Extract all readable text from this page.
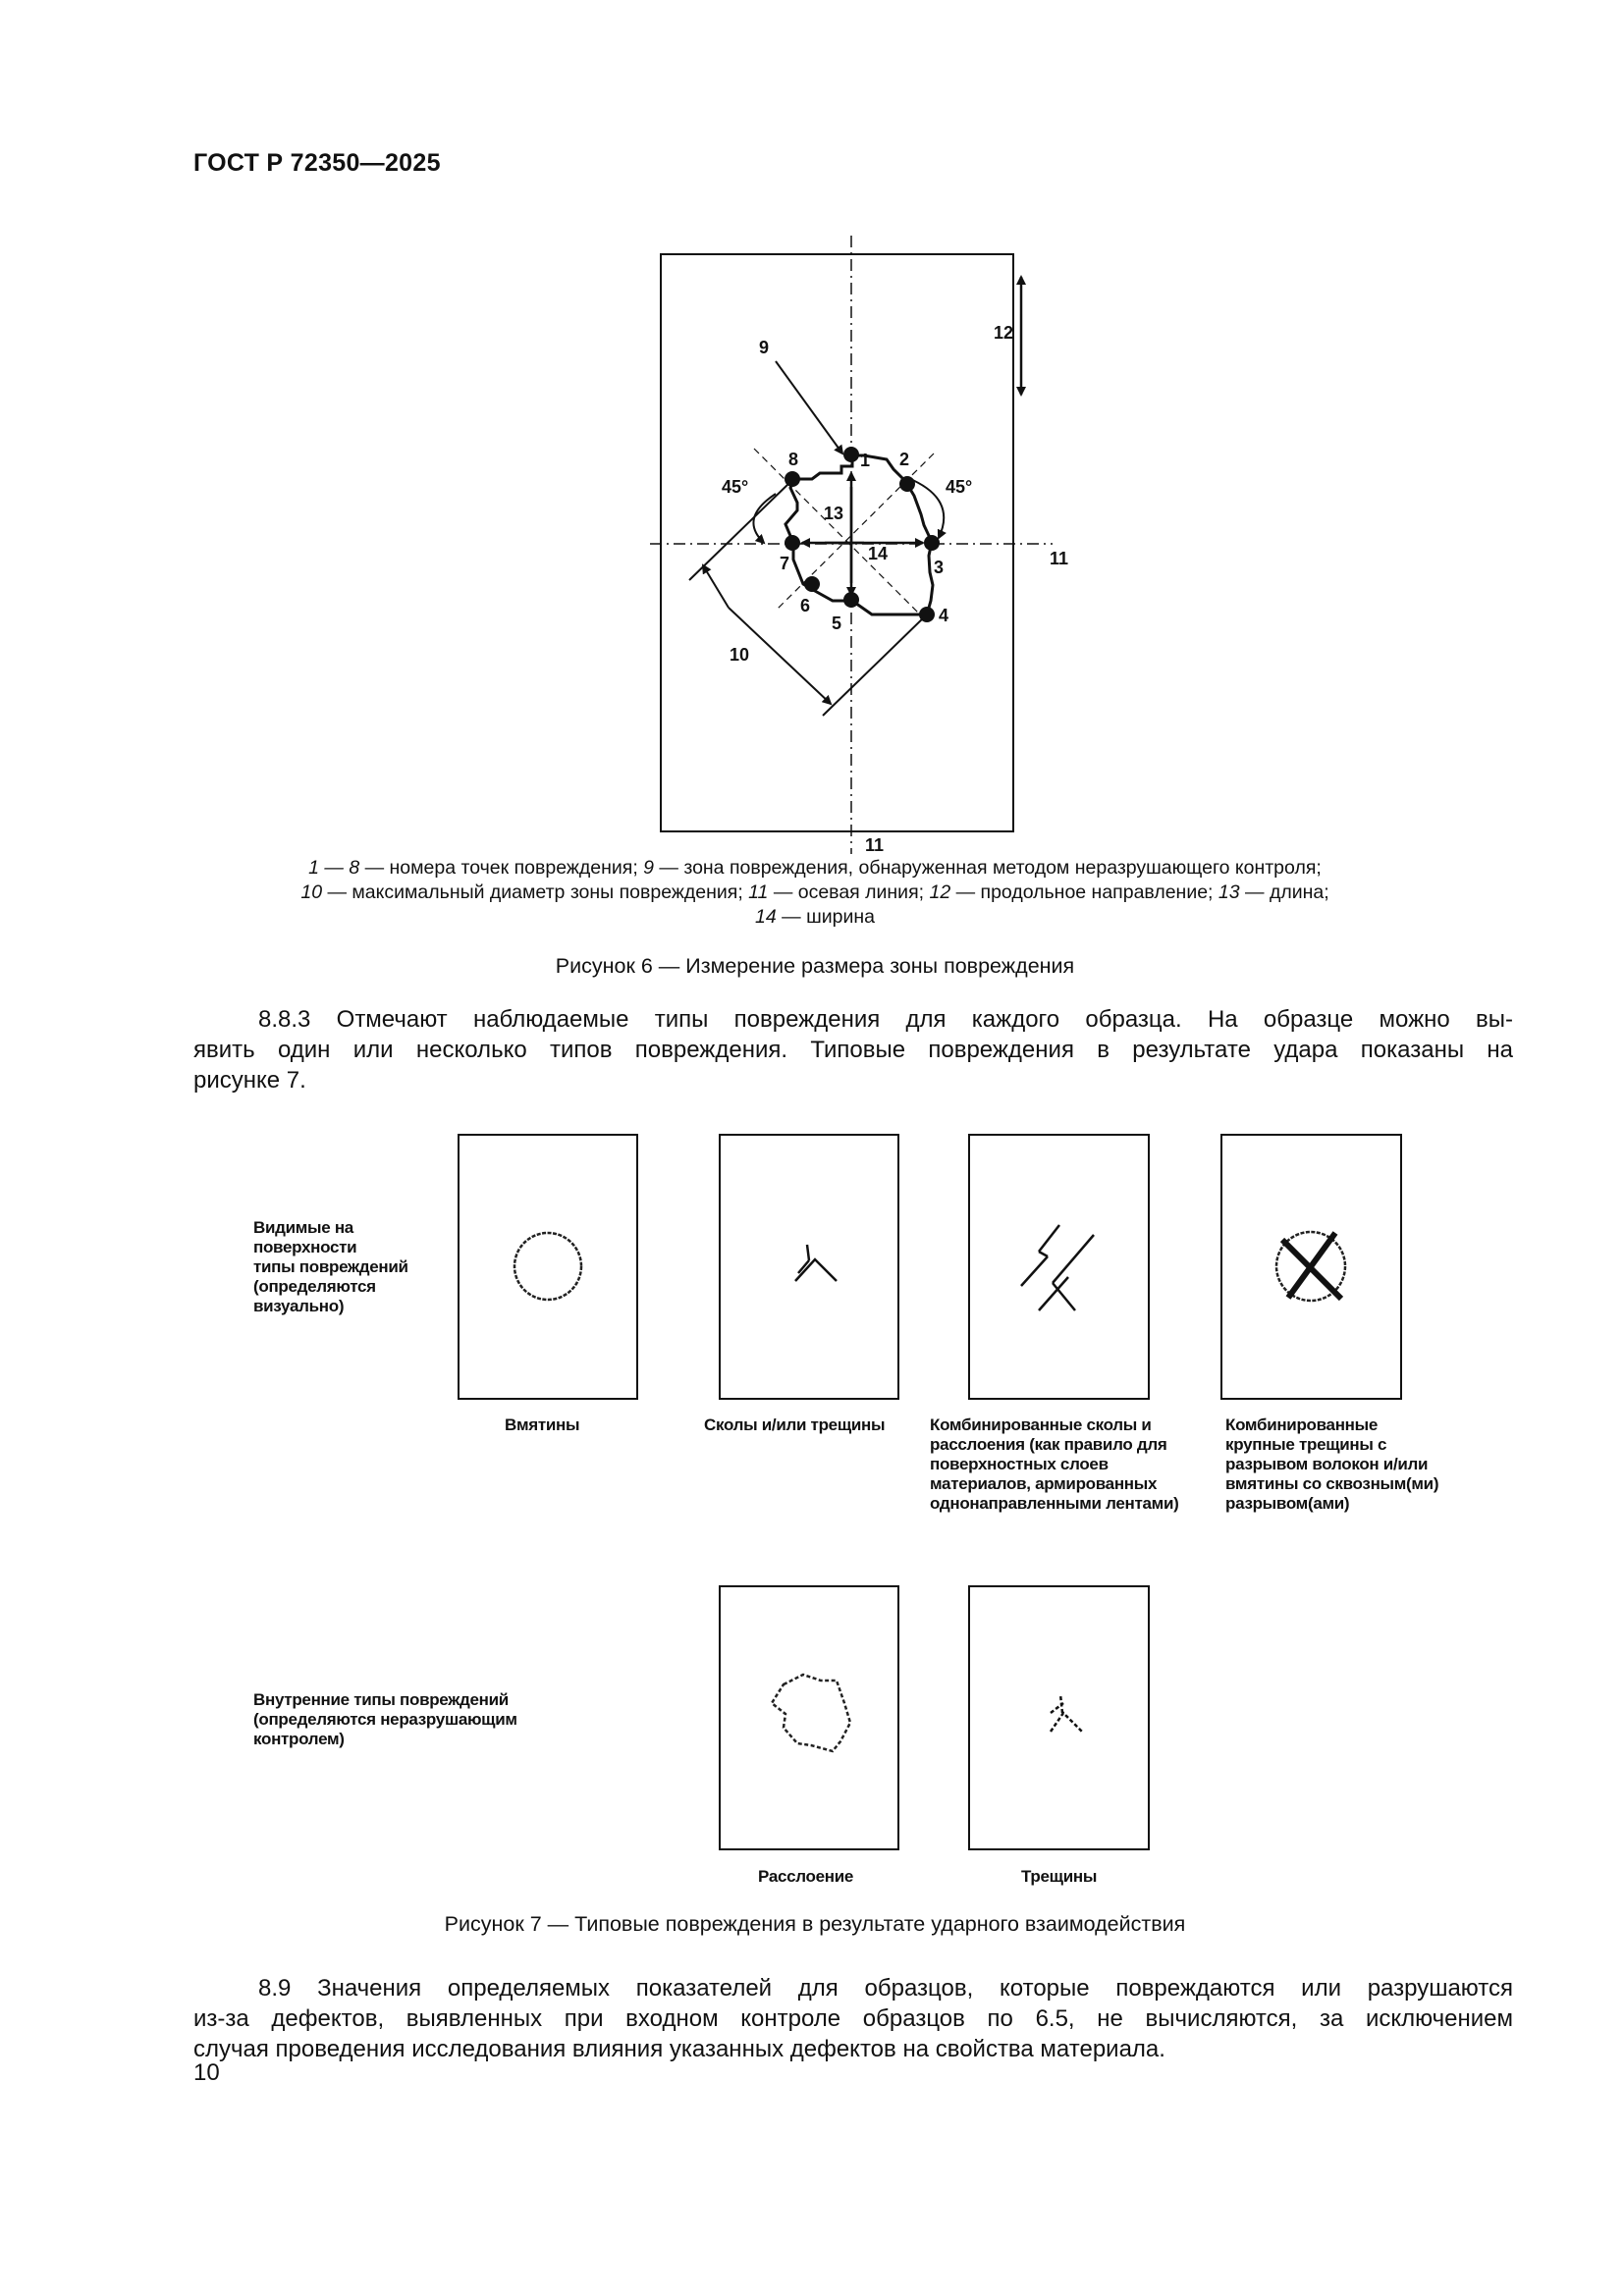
ГОСТ Р 72350—2025
1 2
3
4
5
6
7
8
9
10
11
11
12
13
14
45°	45°
1 — 8 — номера точек повреждения; 9 — зона повреждения, обнаруженная методом неразрушающего контроля;
10 — максимальный диаметр зоны повреждения; 11 — осевая линия; 12 — продольное направление; 13 — длина;
14 — ширина
Рисунок 6 — Измерение размера зоны повреждения
8.8.3 Отмечают наблюдаемые типы повреждения для каждого образца. На образце можно вы-
явить один или несколько типов повреждения. Типовые повреждения в результате удара показаны на
рисунке 7.
Видимые на
поверхности
типы повреждений
(определяются
визуально)
Внутренние типы повреждений
(определяются неразрушающим
контролем)
Вмятины	Сколы и/или трещины	Комбинированные сколы и
расслоения (как правило для
поверхностных слоев
материалов, армированных
однонаправленными лентами)
Комбинированные
крупные трещины с
разрывом волокон и/или
вмятины со сквозным(ми)
разрывом(ами)
Расслоение	Трещины
Рисунок 7 — Типовые повреждения в результате ударного взаимодействия
8.9 Значения определяемых показателей для образцов, которые повреждаются или разрушаются
из-за дефектов, выявленных при входном контроле образцов по 6.5, не вычисляются, за исключением
случая проведения исследования влияния указанных дефектов на свойства материала.
10
